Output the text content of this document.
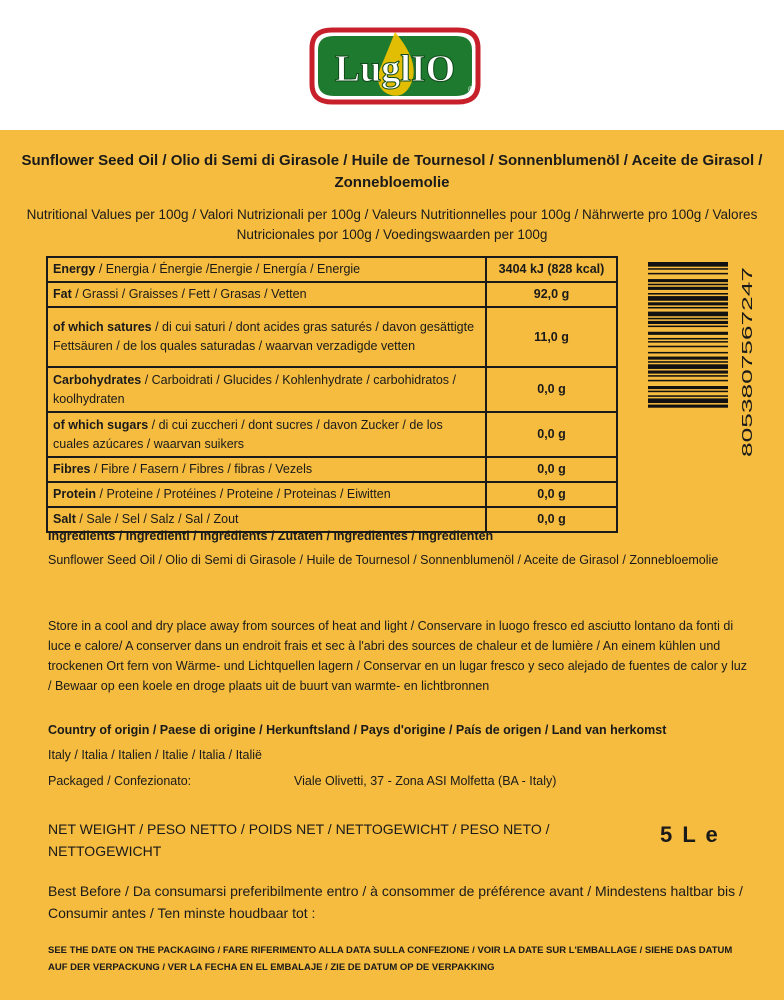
LuglIO ®
Sunflower Seed Oil / Olio di Semi di Girasole / Huile de Tournesol / Sonnenblumenöl / Aceite de Girasol / Zonnebloemolie
Nutritional Values per 100g / Valori Nutrizionali per 100g / Valeurs Nutritionnelles pour 100g / Nährwerte pro 100g / Valores Nutricionales por 100g / Voedingswaarden per 100g
Energy / Energia / Énergie /Energie / Energía / Energie	3404 kJ (828 kcal)
Fat / Grassi / Graisses / Fett / Grasas / Vetten	92,0 g
of which satures / di cui saturi / dont acides gras saturés / davon gesättigte Fettsäuren / de los quales saturadas / waarvan verzadigde vetten	11,0 g
Carbohydrates / Carboidrati / Glucides / Kohlenhydrate / carbohidratos / koolhydraten	0,0 g
of which sugars / di cui zuccheri / dont sucres / davon Zucker / de los cuales azúcares / waarvan suikers	0,0 g
Fibres / Fibre / Fasern / Fibres / fibras / Vezels	0,0 g
Protein / Proteine / Protéines / Proteine / Proteinas / Eiwitten	0,0 g
Salt / Sale / Sel / Salz / Sal / Zout	0,0 g
8053807567247
Ingredients / Ingredienti / Ingrédients / Zutaten / Ingredientes / Ingrediënten
Sunflower Seed Oil / Olio di Semi di Girasole / Huile de Tournesol / Sonnenblumenöl / Aceite de Girasol / Zonnebloemolie
Store in a cool and dry place away from sources of heat and light / Conservare in luogo fresco ed asciutto lontano da fonti di luce e calore/ A conserver dans un endroit frais et sec à l'abri des sources de chaleur et de lumière / An einem kühlen und trockenen Ort fern von Wärme- und Lichtquellen lagern / Conservar en un lugar fresco y seco alejado de fuentes de calor y luz / Bewaar op een koele en droge plaats uit de buurt van warmte- en lichtbronnen
Country of origin / Paese di origine / Herkunftsland / Pays d'origine / País de origen / Land van herkomst
Italy / Italia / Italien / Italie / Italia / Italië
Packaged / Confezionato:	Viale Olivetti, 37 - Zona ASI Molfetta (BA - Italy)
NET WEIGHT / PESO NETTO / POIDS NET / NETTOGEWICHT / PESO NETO / NETTOGEWICHT
5 L e
Best Before / Da consumarsi preferibilmente entro / à consommer de préférence avant / Mindestens haltbar bis / Consumir antes / Ten minste houdbaar tot :
SEE THE DATE ON THE PACKAGING / FARE RIFERIMENTO ALLA DATA SULLA CONFEZIONE / VOIR LA DATE SUR L'EMBALLAGE / SIEHE DAS DATUM AUF DER VERPACKUNG / VER LA FECHA EN EL EMBALAJE / ZIE DE DATUM OP DE VERPAKKING
